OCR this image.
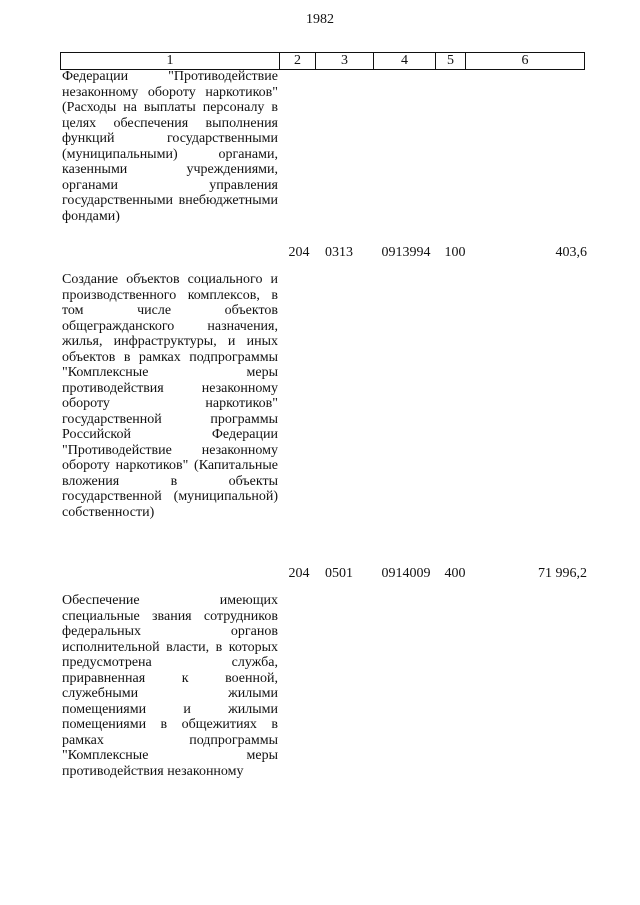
1982
1	2	3	4	5	6
Федерации "Противодействие незаконному обороту наркотиков" (Расходы на выплаты персоналу в целях обеспечения выполнения функций государственными (муниципальными) органами, казенными учреждениями, органами управления государственными внебюджетными фондами)
204 0313	0913994	100	403,6
Создание объектов социального и производственного комплексов, в том числе объектов общегражданского назначения, жилья, инфраструктуры, и иных объектов в рамках подпрограммы "Комплексные меры противодействия незаконному обороту наркотиков" государственной программы Российской Федерации "Противодействие незаконному обороту наркотиков" (Капитальные вложения в объекты государственной (муниципальной) собственности)
204 0501	0914009	400	71 996,2
Обеспечение имеющих специальные звания сотрудников федеральных органов исполнительной власти, в которых предусмотрена служба, приравненная к военной, служебными жилыми помещениями и жилыми помещениями в общежитиях в рамках подпрограммы "Комплексные меры противодействия незаконному
